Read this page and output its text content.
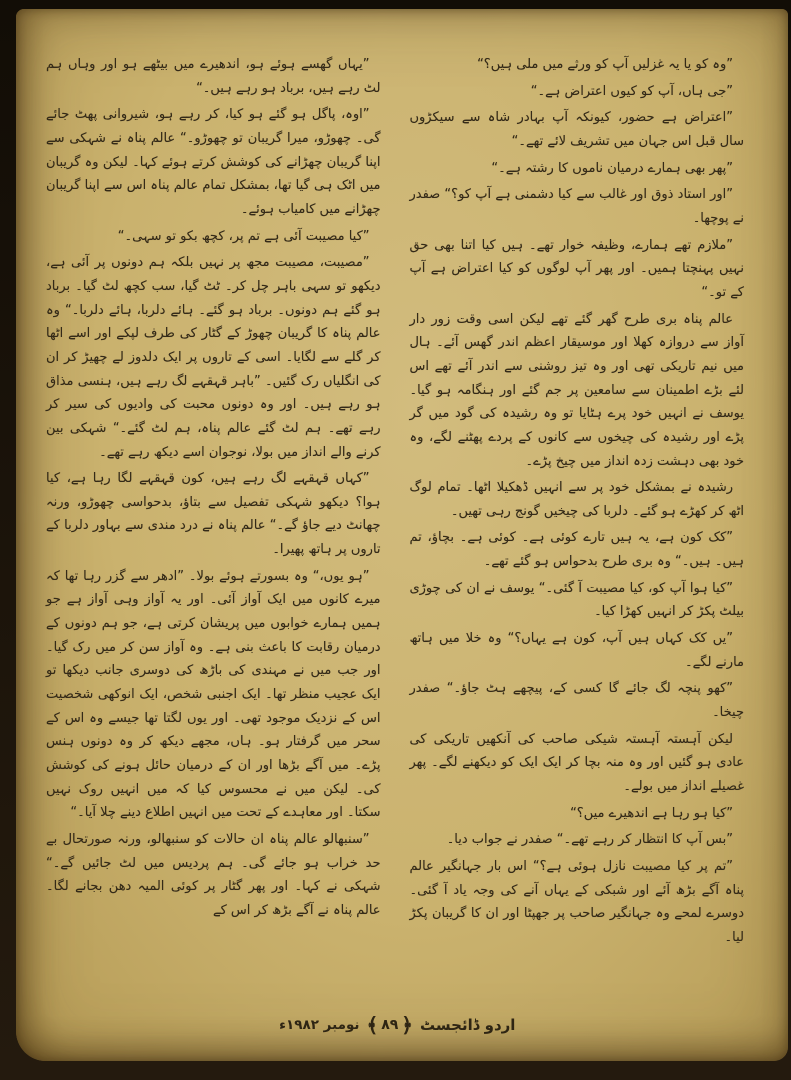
”وہ کو یا یہ غزلیں آپ کو ورثے میں ملی ہیں؟“

”جی ہاں، آپ کو کیوں اعتراض ہے۔“

”اعتراض ہے حضور، کیونکہ آپ بہادر شاہ سے سیکڑوں سال قبل اس جہان میں تشریف لائے تھے۔“

”پھر بھی ہمارے درمیان ناموں کا رشتہ ہے۔“

”اور استاد ذوق اور غالب سے کیا دشمنی ہے آپ کو؟“ صفدر نے پوچھا۔

”ملازم تھے ہمارے، وظیفہ خوار تھے۔ ہیں کیا اتنا بھی حق نہیں پہنچتا ہمیں۔ اور پھر آپ لوگوں کو کیا اعتراض ہے آپ کے تو۔“

عالم پناہ بری طرح گھر گئے تھے لیکن اسی وقت زور دار آواز سے دروازہ کھلا اور موسیقار اعظم اندر گھس آئے۔ ہال میں نیم تاریکی تھی اور وہ تیز روشنی سے اندر آئے تھے اس لئے بڑے اطمینان سے سامعین پر جم گئے اور ہنگامہ ہو گیا۔ یوسف نے انہیں خود پرے ہٹایا تو وہ رشیدہ کی گود میں گر پڑے اور رشیدہ کی چیخوں سے کانوں کے پردے پھٹنے لگے، وہ خود بھی دہشت زدہ انداز میں چیخ پڑے۔

رشیدہ نے بمشکل خود پر سے انہیں ڈھکیلا اٹھا۔ تمام لوگ اٹھ کر کھڑے ہو گئے۔ دلربا کی چیخیں گونج رہی تھیں۔

”کک کون ہے، یہ ہیں تارے کوئی ہے۔ کوئی ہے۔ بچاؤ، تم ہیں۔ ہیں۔“ وہ بری طرح بدحواس ہو گئے تھے۔

”کیا ہوا آپ کو، کیا مصیبت آ گئی۔“ یوسف نے ان کی چوڑی بیلٹ پکڑ کر انہیں کھڑا کیا۔

”یں کک کہاں ہیں آپ، کون ہے یہاں؟“ وہ خلا میں ہاتھ مارنے لگے۔

”کھو پنچہ لگ جائے گا کسی کے، پیچھے ہٹ جاؤ۔“ صفدر چیخا۔

لیکن آہستہ آہستہ شیکی صاحب کی آنکھیں تاریکی کی عادی ہو گئیں اور وہ منہ بچا کر ایک ایک کو دیکھنے لگے۔ پھر غصیلے انداز میں بولے۔

”کیا ہو رہا ہے اندھیرے میں؟“

”بس آپ کا انتظار کر رہے تھے۔“ صفدر نے جواب دیا۔

”تم پر کیا مصیبت نازل ہوئی ہے؟“ اس بار جہانگیر عالم پناہ آگے بڑھ آئے اور شبکی کے یہاں آنے کی وجہ یاد آ گئی۔ دوسرے لمحے وہ جہانگیر صاحب پر جھپٹا اور ان کا گریبان پکڑ لیا۔

”یہاں گھسے ہوئے ہو، اندھیرے میں بیٹھے ہو اور وہاں ہم لٹ رہے ہیں، برباد ہو رہے ہیں۔“

”اوہ، پاگل ہو گئے ہو کیا، کر رہے ہو، شیروانی پھٹ جائے گی۔ چھوڑو، میرا گریبان تو چھوڑو۔“ عالم پناہ نے شہکی سے اپنا گریبان چھڑانے کی کوشش کرتے ہوئے کہا۔ لیکن وہ گریبان میں اٹک ہی گیا تھا، بمشکل تمام عالم پناہ اس سے اپنا گریبان چھڑانے میں کامیاب ہوئے۔

”کیا مصیبت آئی ہے تم پر، کچھ بکو تو سہی۔“

”مصیبت، مصیبت مجھ پر نہیں بلکہ ہم دونوں پر آئی ہے، دیکھو تو سہی باہر چل کر۔ ٹٹ گیا، سب کچھ لٹ گیا۔ برباد ہو گئے ہم دونوں۔ برباد ہو گئے۔ ہائے دلربا، ہائے دلربا۔“ وہ عالم پناہ کا گریبان چھوڑ کے گٹار کی طرف لپکے اور اسے اٹھا کر گلے سے لگایا۔ اسی کے تاروں پر ایک دلدوز لے چھیڑ کر ان کی انگلیاں رک گئیں۔ ”باہر قہقہے لگ رہے ہیں، ہنسی مذاق ہو رہے ہیں۔ اور وہ دونوں محبت کی وادیوں کی سیر کر رہے تھے۔ ہم لٹ گئے عالم پناہ، ہم لٹ گئے۔“ شہکی بین کرنے والے انداز میں بولا، نوجوان اسے دیکھ رہے تھے۔

”کہاں قہقہے لگ رہے ہیں، کون قہقہے لگا رہا ہے، کیا ہوا؟ دیکھو شہکی تفصیل سے بتاؤ، بدحواسی چھوڑو، ورنہ چھانٹ دیے جاؤ گے۔“ عالم پناہ نے درد مندی سے بہاور دلربا کے تاروں پر ہاتھ پھیرا۔

”ہو یوں،“ وہ بسورتے ہوئے بولا۔ ”ادھر سے گزر رہا تھا کہ میرے کانوں میں ایک آواز آئی۔ اور یہ آواز وہی آواز ہے جو ہمیں ہمارے خوابوں میں پریشان کرتی ہے، جو ہم دونوں کے درمیان رقابت کا باعث بنی ہے۔ وہ آواز سن کر میں رک گیا۔ اور جب میں نے مہندی کی باڑھ کی دوسری جانب دیکھا تو ایک عجیب منظر تھا۔ ایک اجنبی شخص، ایک انوکھی شخصیت اس کے نزدیک موجود تھی۔ اور یوں لگتا تھا جیسے وہ اس کے سحر میں گرفتار ہو۔ ہاں، مجھے دیکھ کر وہ دونوں ہنس پڑے۔ میں آگے بڑھا اور ان کے درمیان حائل ہونے کی کوشش کی۔ لیکن میں نے محسوس کیا کہ میں انہیں روک نہیں سکتا۔ اور معاہدے کے تحت میں انہیں اطلاع دینے چلا آیا۔“

”سنبھالو عالم پناہ ان حالات کو سنبھالو، ورنہ صورتحال بے حد خراب ہو جائے گی۔ ہم پردیس میں لٹ جائیں گے۔“ شہکی نے کہا۔ اور پھر گٹار پر کوئی المیہ دھن بجانے لگا۔ عالم پناہ نے آگے بڑھ کر اس کے

اردو ڈائجسٹ
﴿ ۸۹ ﴾
نومبر ۱۹۸۲ء
